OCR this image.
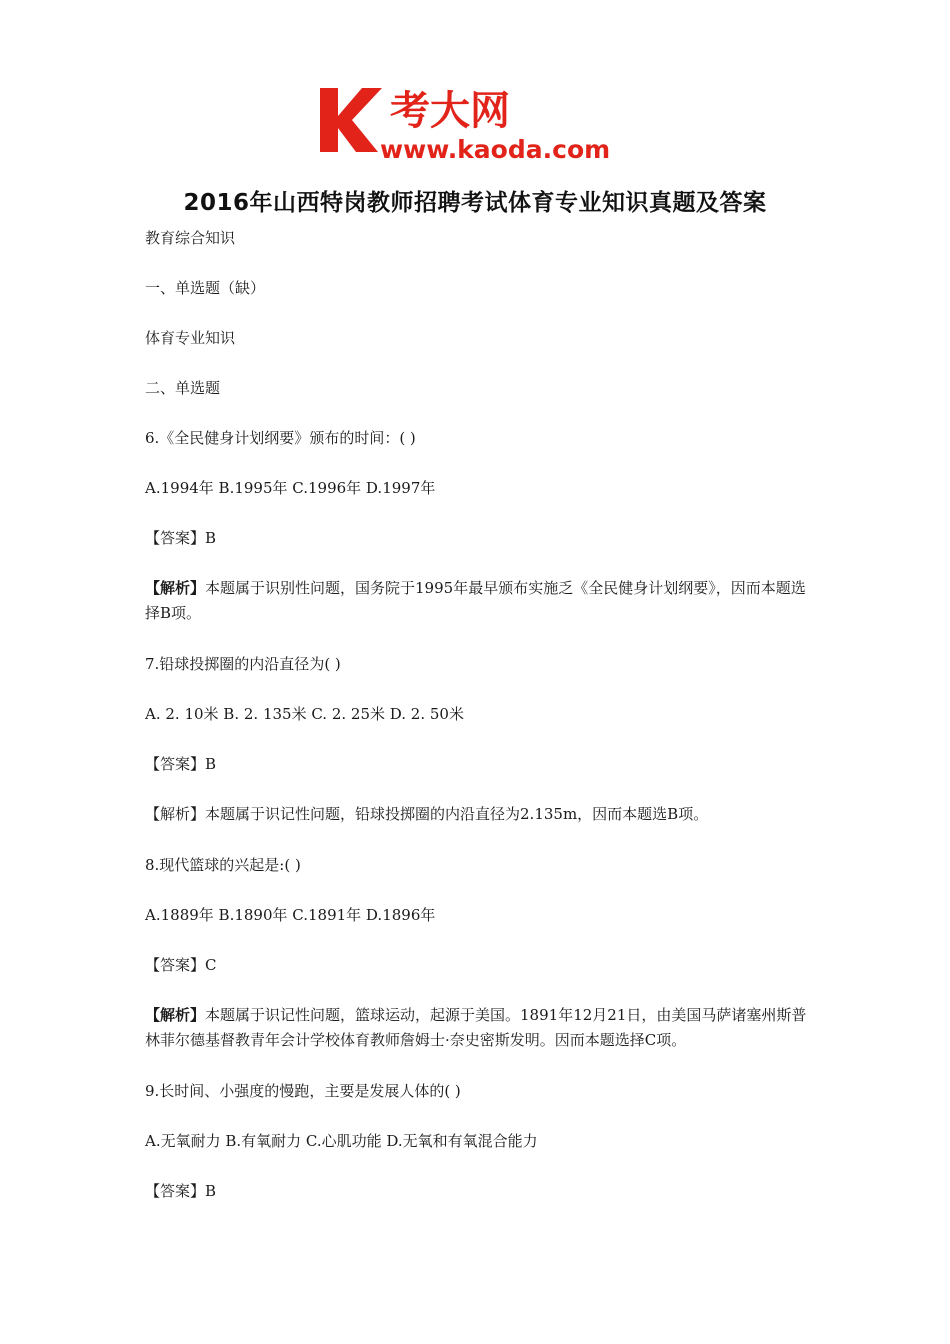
考大网
www.kaoda.com
2016年山西特岗教师招聘考试体育专业知识真题及答案
教育综合知识
一、单选题（缺）
体育专业知识
二、单选题
6.《全民健身计划纲要》颁布的时间：( )
A.1994年 B.1995年 C.1996年 D.1997年
【答案】B
【解析】本题属于识别性问题，国务院于1995年最早颁布实施乏《全民健身计划纲要》，因而本题选择B项。
7.铅球投掷圈的内沿直径为( )
A. 2. 10米 B. 2. 135米 C. 2. 25米 D. 2. 50米
【答案】B
【解析】本题属于识记性问题，铅球投掷圈的内沿直径为2.135m，因而本题选B项。
8.现代篮球的兴起是:( )
A.1889年 B.1890年 C.1891年 D.1896年
【答案】C
【解析】本题属于识记性问题，篮球运动，起源于美国。1891年12月21日，由美国马萨诸塞州斯普林菲尔德基督教青年会计学校体育教师詹姆士·奈史密斯发明。因而本题选择C项。
9.长时间、小强度的慢跑，主要是发展人体的( )
A.无氧耐力 B.有氧耐力 C.心肌功能 D.无氧和有氧混合能力
【答案】B
